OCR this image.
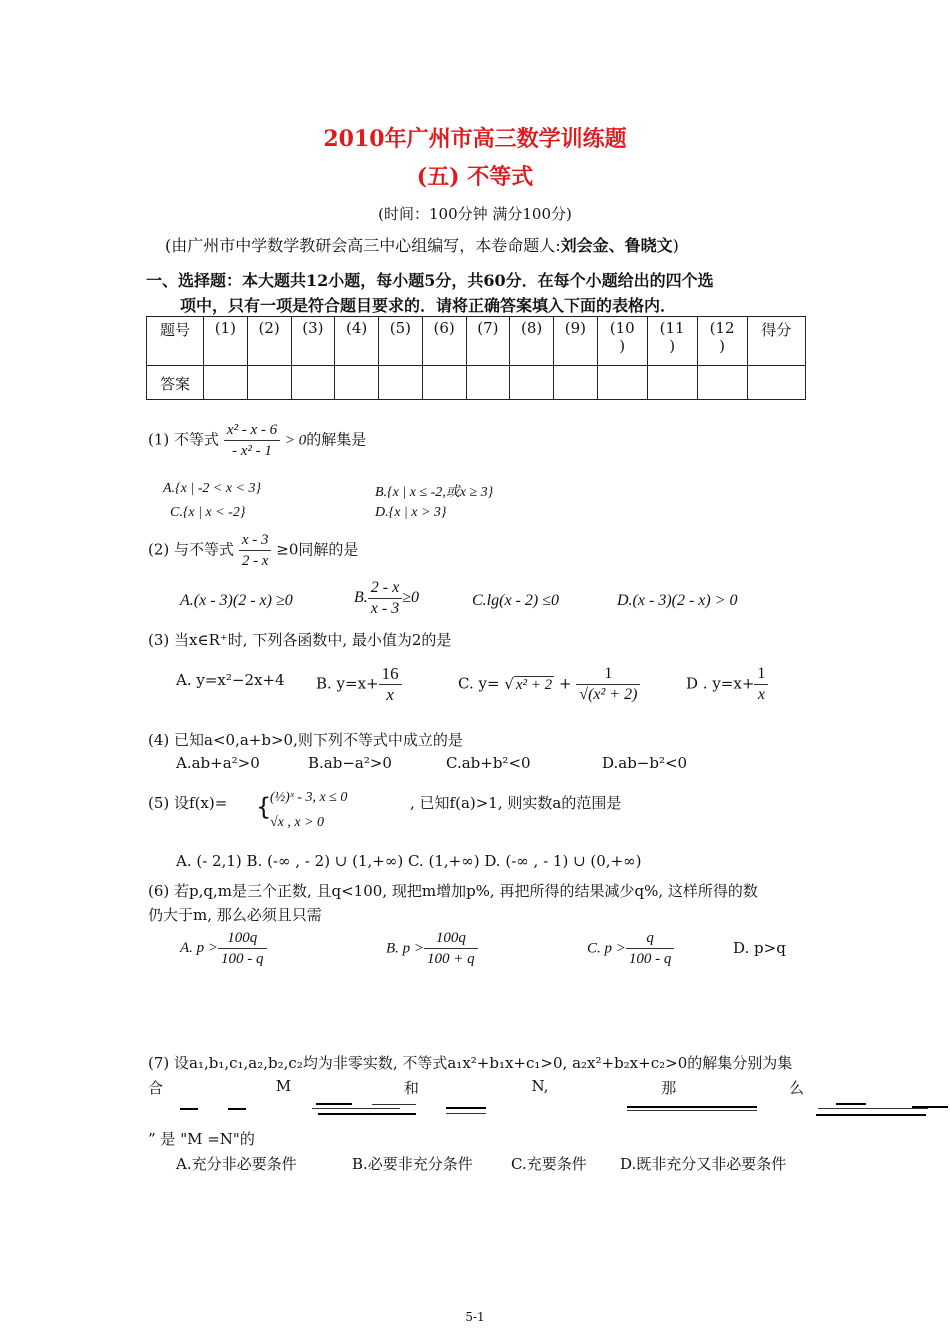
2010年广州市高三数学训练题
(五) 不等式
(时间：100分钟 满分100分)
(由广州市中学数学教研会高三中心组编写，本卷命题人:刘会金、鲁晓文)
一、选择题：本大题共12小题，每小题5分，共60分．在每个小题给出的四个选
项中，只有一项是符合题目要求的．请将正确答案填入下面的表格内．
题号	(1)	(2)	(3)	(4)	(5)	(6)	(7)	(8)	(9)	(10
)	(11
)	(12
)	得分
答案													
(1) 不等式 $\frac{\text{x² - x - 6}}{\text{- x² - 1}} > 0$的解集是
A.{x | -2 < x < 3}	B.{x | x ≤ -2,或x ≥ 3}
C.{x | x < -2}	D.{x | x > 3}
(2) 与不等式 $\frac{x - 3}{2 - x} \ge 0$同解的是
A.(x - 3)(2 - x) ≥0	B. $\frac{2 - x}{x - 3} \ge 0$	C.lg(x - 2) ≤0	D.(x - 3)(2 - x) > 0
(3) 当x∈R⁺时, 下列各函数中, 最小值为2的是
A. y=x²−2x+4 B. $y=x+ \frac{16}{x}$	C. y= √ $x^2 + 2 + \frac{1}{\text{√(x² + 2)}}$	D . $y=x+ \frac{1}{x}$
(4) 已知a<0,a+b>0,则下列不等式中成立的是
A.ab+a²>0	B.ab−a²>0	C.ab+b²<0	D.ab−b²<0
(5) 设f(x)= {
(½)ˣ - 3, x ≤ 0
√x , x > 0
, 已知f(a)>1, 则实数a的范围是
A. (- 2,1) B. (-∞ , - 2) ∪ (1,+∞) C. (1,+∞) D. (-∞ , - 1) ∪ (0,+∞)
(6) 若p,q,m是三个正数, 且q<100, 现把m增加p%, 再把所得的结果减少q%, 这样所得的数
仍大于m, 那么必须且只需
A. $p > \frac{100q}{100 - q}$	B. $p > \frac{100q}{100 + q}$	C. $p > \frac{q}{100 - q}$	D. p>q
(7) 设a₁,b₁,c₁,a₂,b₂,c₂均为非零实数, 不等式a₁x²+b₁x+c₁>0, a₂x²+b₂x+c₂>0的解集分别为集
合	M	和	N,	那	么
” 是 "M =N"的
A.充分非必要条件	B.必要非充分条件	C.充要条件 D.既非充分又非必要条件
5-1
